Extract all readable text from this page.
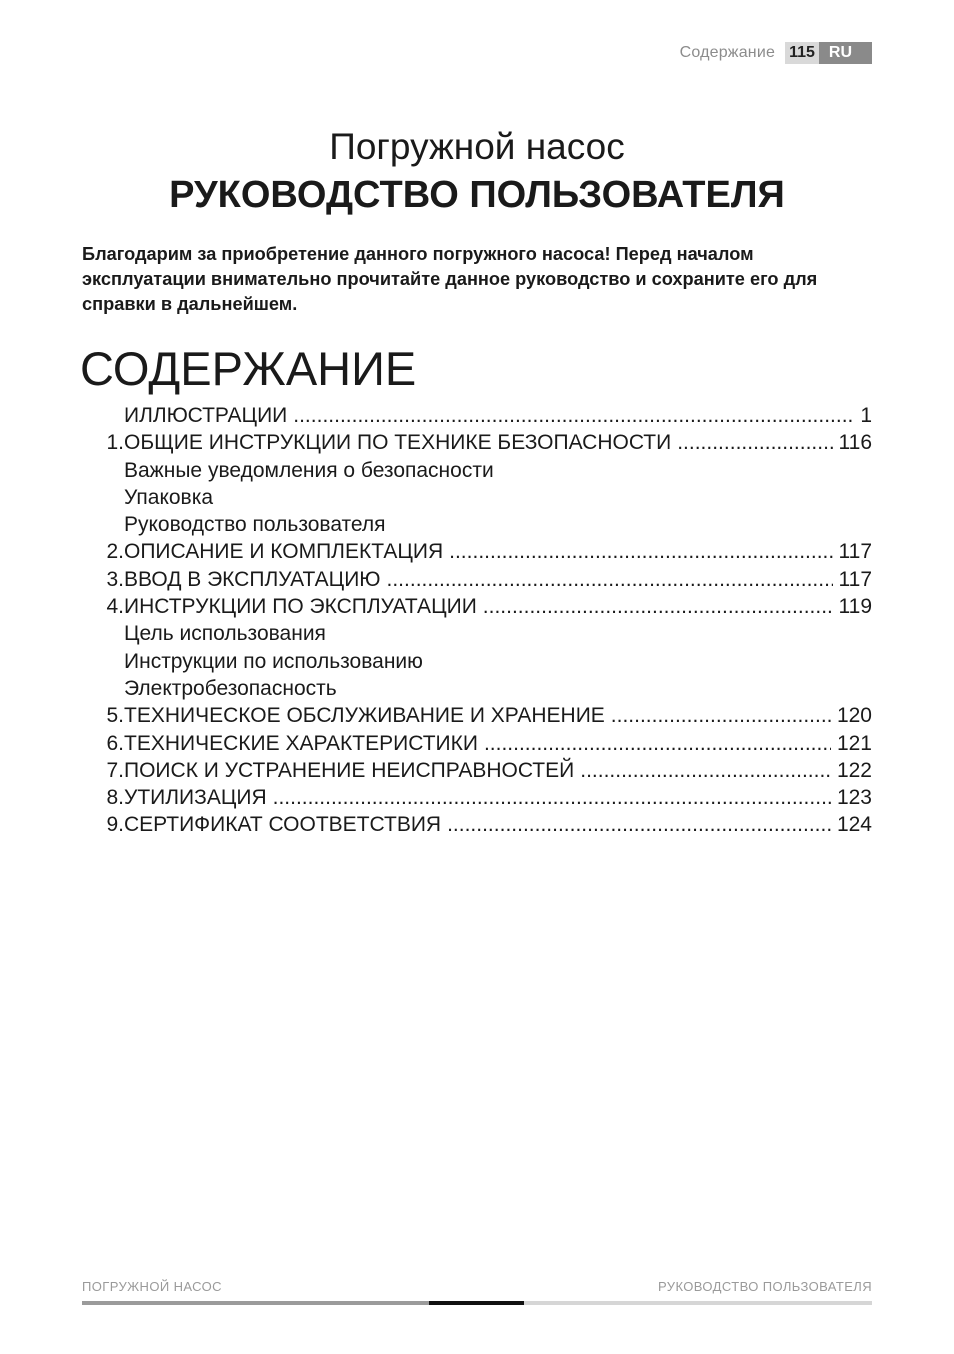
Содержание 115 RU
Погружной насос
РУКОВОДСТВО ПОЛЬЗОВАТЕЛЯ
Благодарим за приобретение данного погружного насоса! Перед началом эксплуатации внимательно прочитайте данное руководство и сохраните его для справки в дальнейшем.
СОДЕРЖАНИЕ
ИЛЛЮСТРАЦИИ .....	1
1. ОБЩИЕ ИНСТРУКЦИИ ПО ТЕХНИКЕ БЕЗОПАСНОСТИ .....	116
Важные уведомления о безопасности
Упаковка
Руководство пользователя
2. ОПИСАНИЕ И КОМПЛЕКТАЦИЯ .....	117
3. ВВОД В ЭКСПЛУАТАЦИЮ .....	117
4. ИНСТРУКЦИИ ПО ЭКСПЛУАТАЦИИ .....	119
Цель использования
Инструкции по использованию
Электробезопасность
5. ТЕХНИЧЕСКОЕ ОБСЛУЖИВАНИЕ И ХРАНЕНИЕ .....	120
6. ТЕХНИЧЕСКИЕ ХАРАКТЕРИСТИКИ .....	121
7. ПОИСК И УСТРАНЕНИЕ НЕИСПРАВНОСТЕЙ .....	122
8. УТИЛИЗАЦИЯ .....	123
9. СЕРТИФИКАТ СООТВЕТСТВИЯ .....	124
ПОГРУЖНОЙ НАСОС	РУКОВОДСТВО ПОЛЬЗОВАТЕЛЯ
